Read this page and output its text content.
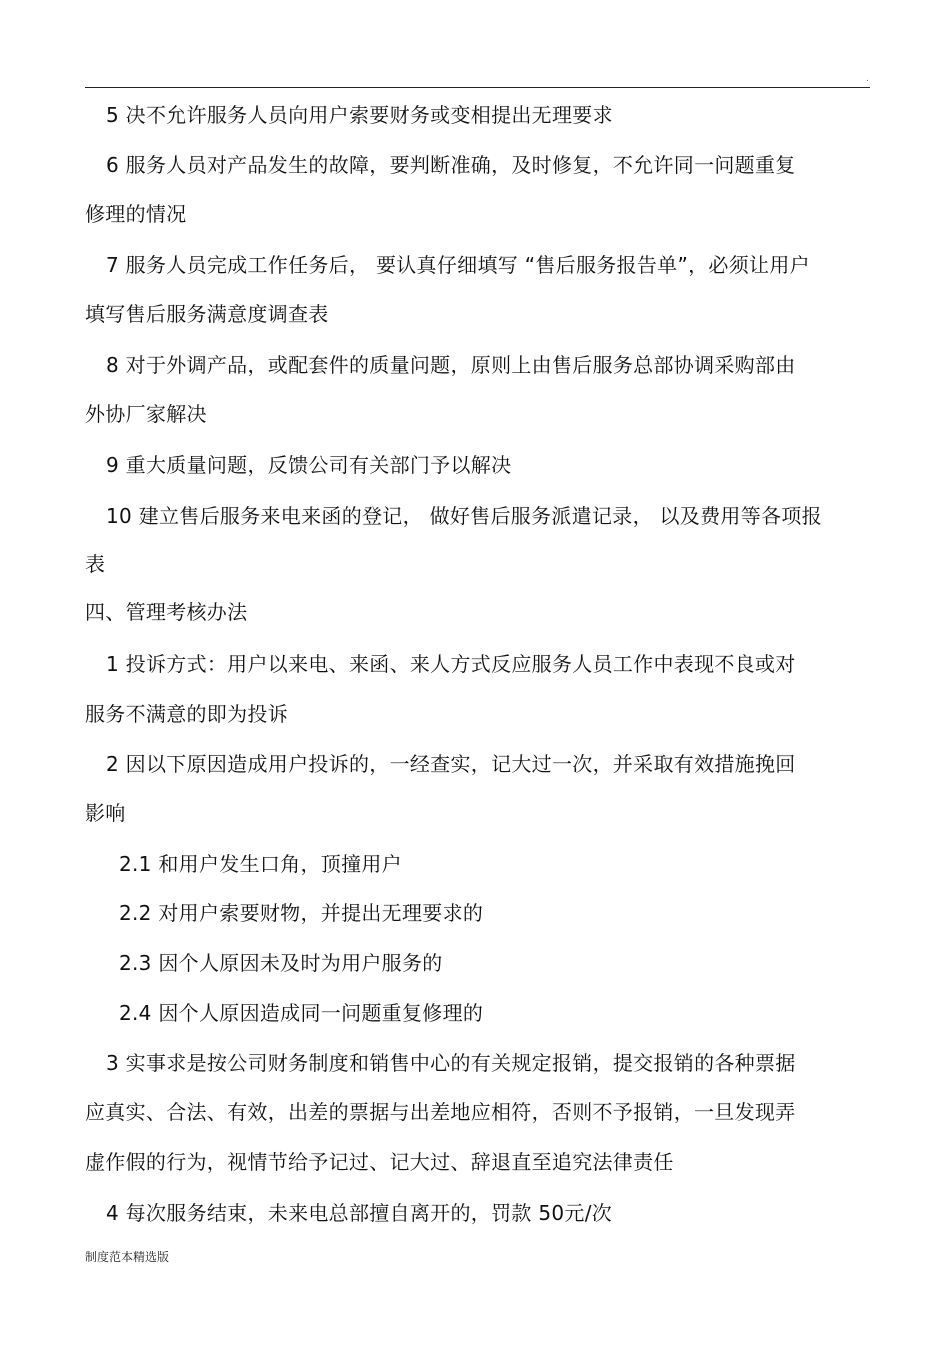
.
5 决不允许服务人员向用户索要财务或变相提出无理要求
6 服务人员对产品发生的故障，要判断准确，及时修复，不允许同一问题重复
修理的情况
7 服务人员完成工作任务后， 要认真仔细填写 “售后服务报告单”，必须让用户
填写售后服务满意度调查表
8 对于外调产品，或配套件的质量问题，原则上由售后服务总部协调采购部由
外协厂家解决
9 重大质量问题，反馈公司有关部门予以解决
10 建立售后服务来电来函的登记， 做好售后服务派遣记录， 以及费用等各项报
表
四、管理考核办法
1 投诉方式：用户以来电、来函、来人方式反应服务人员工作中表现不良或对
服务不满意的即为投诉
2 因以下原因造成用户投诉的，一经查实，记大过一次，并采取有效措施挽回
影响
2.1 和用户发生口角，顶撞用户
2.2 对用户索要财物，并提出无理要求的
2.3 因个人原因未及时为用户服务的
2.4 因个人原因造成同一问题重复修理的
3 实事求是按公司财务制度和销售中心的有关规定报销，提交报销的各种票据
应真实、合法、有效，出差的票据与出差地应相符，否则不予报销，一旦发现弄
虚作假的行为，视情节给予记过、记大过、辞退直至追究法律责任
4 每次服务结束，未来电总部擅自离开的，罚款 50元/次
制度范本精选版
